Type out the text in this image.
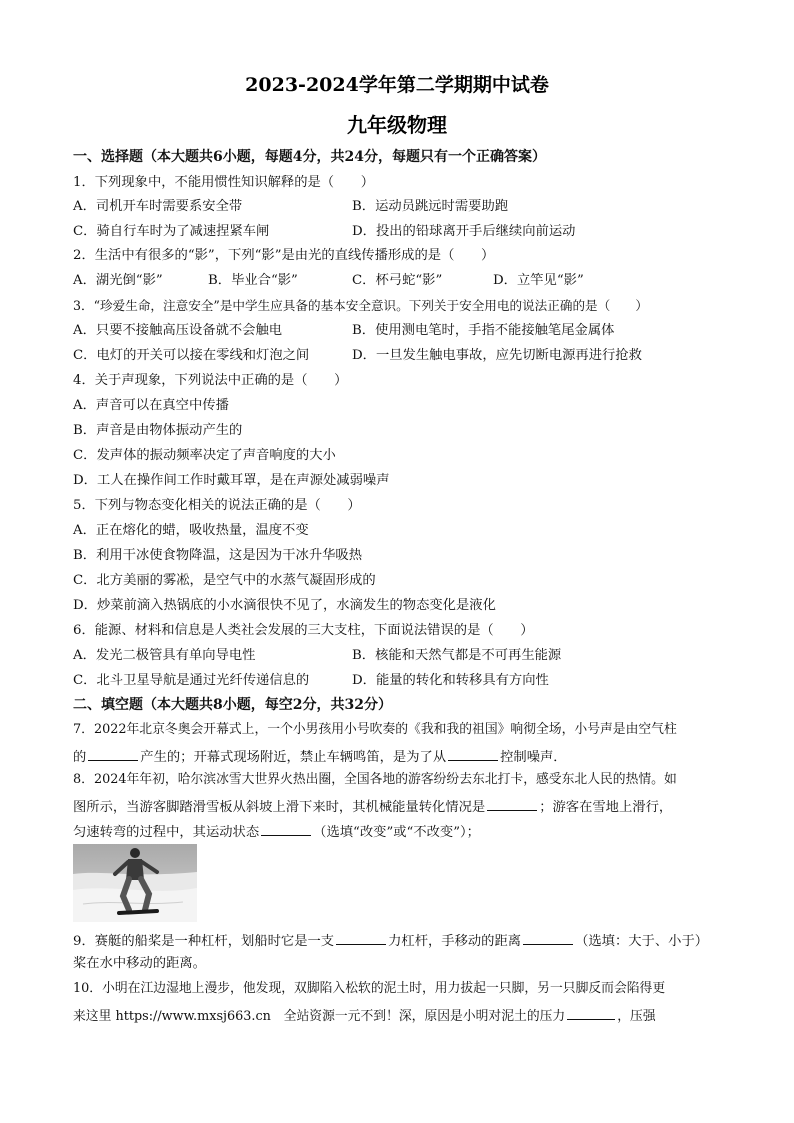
2023-2024学年第二学期期中试卷
九年级物理
一、选择题（本大题共6小题，每题4分，共24分，每题只有一个正确答案）
1．下列现象中，不能用惯性知识解释的是（　　）
A．司机开车时需要系安全带	B．运动员跳远时需要助跑
C．骑自行车时为了减速捏紧车闸	D．投出的铅球离开手后继续向前运动
2．生活中有很多的“影”，下列“影”是由光的直线传播形成的是（　　）
A．湖光倒“影”	B．毕业合“影”	C．杯弓蛇“影”	D．立竿见“影”
3．“珍爱生命，注意安全”是中学生应具备的基本安全意识。下列关于安全用电的说法正确的是（　　）
A．只要不接触高压设备就不会触电	B．使用测电笔时，手指不能接触笔尾金属体
C．电灯的开关可以接在零线和灯泡之间	D．一旦发生触电事故，应先切断电源再进行抢救
4．关于声现象，下列说法中正确的是（　　）
A．声音可以在真空中传播
B．声音是由物体振动产生的
C．发声体的振动频率决定了声音响度的大小
D．工人在操作间工作时戴耳罩，是在声源处减弱噪声
5．下列与物态变化相关的说法正确的是（　　）
A．正在熔化的蜡，吸收热量，温度不变
B．利用干冰使食物降温，这是因为干冰升华吸热
C．北方美丽的雾凇，是空气中的水蒸气凝固形成的
D．炒菜前滴入热锅底的小水滴很快不见了，水滴发生的物态变化是液化
6．能源、材料和信息是人类社会发展的三大支柱，下面说法错误的是（　　）
A．发光二极管具有单向导电性	B．核能和天然气都是不可再生能源
C．北斗卫星导航是通过光纤传递信息的	D．能量的转化和转移具有方向性
二、填空题（本大题共8小题，每空2分，共32分）
7．2022年北京冬奥会开幕式上，一个小男孩用小号吹奏的《我和我的祖国》响彻全场，小号声是由空气柱
的	产生的；开幕式现场附近，禁止车辆鸣笛，是为了从	控制噪声．
8．2024年年初，哈尔滨冰雪大世界火热出圈，全国各地的游客纷纷去东北打卡，感受东北人民的热情。如
图所示，当游客脚踏滑雪板从斜坡上滑下来时，其机械能量转化情况是	；游客在雪地上滑行，
匀速转弯的过程中，其运动状态	（选填“改变”或“不改变”）；
9．赛艇的船桨是一种杠杆，划船时它是一支	力杠杆，手移动的距离	（选填：大于、小于）
桨在水中移动的距离。
10．小明在江边湿地上漫步，他发现，双脚陷入松软的泥土时，用力拔起一只脚，另一只脚反而会陷得更
来这里 https://www.mxsj663.cn　全站资源一元不到！深，原因是小明对泥土的压力	，压强
